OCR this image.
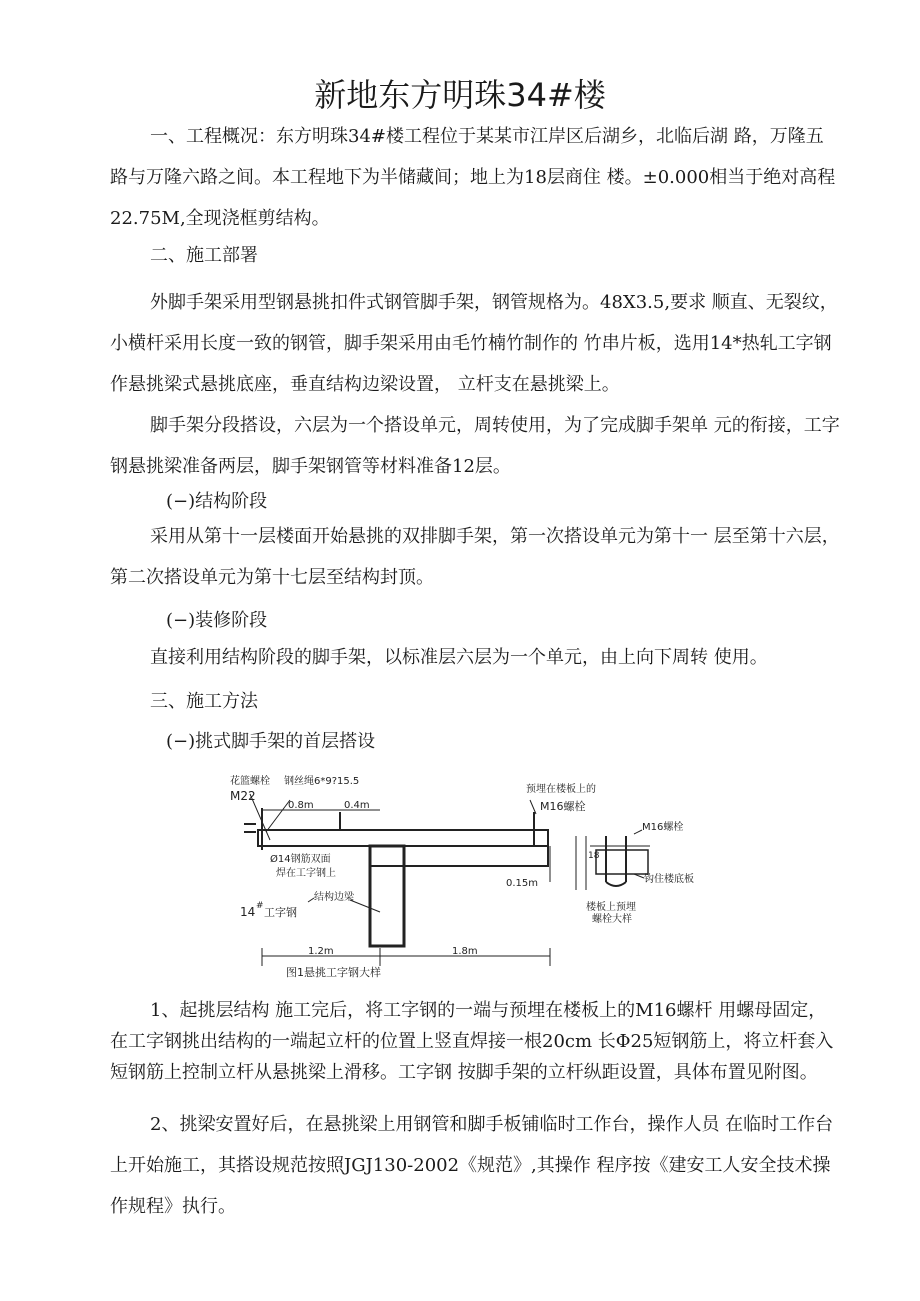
新地东方明珠34#楼

一、工程概况：东方明珠34#楼工程位于某某市江岸区后湖乡，北临后湖 路，万隆五路与万隆六路之间。本工程地下为半储藏间；地上为18层商住 楼。±0.000相当于绝对高程22.75M,全现浇框剪结构。

二、施工部署

外脚手架采用型钢悬挑扣件式钢管脚手架，钢管规格为。48X3.5,要求 顺直、无裂纹，小横杆采用长度一致的钢管，脚手架采用由毛竹楠竹制作的 竹串片板，选用14*热轧工字钢作悬挑梁式悬挑底座，垂直结构边梁设置， 立杆支在悬挑梁上。

脚手架分段搭设，六层为一个搭设单元，周转使用，为了完成脚手架单 元的衔接，工字钢悬挑梁准备两层，脚手架钢管等材料准备12层。

(−)结构阶段

采用从第十一层楼面开始悬挑的双排脚手架，第一次搭设单元为第十一 层至第十六层，第二次搭设单元为第十七层至结构封顶。

(−)装修阶段

直接利用结构阶段的脚手架，以标准层六层为一个单元，由上向下周转 使用。

三、施工方法

(−)挑式脚手架的首层搭设

花篮螺栓
M22
钢丝绳6*9?15.5
0.8m	0.4m
Ø14钢筋双面
焊在工字钢上
14 # 工字钢
结构边梁
预埋在楼板上的
M16螺栓
0.15m
M16螺栓
18
钩住楼底板
楼板上预埋
螺栓大样
1.2m	1.8m
图1悬挑工字钢大样

1、起挑层结构 施工完后，将工字钢的一端与预埋在楼板上的M16螺杆 用螺母固定，在工字钢挑出结构的一端起立杆的位置上竖直焊接一根20cm 长Φ25短钢筋上，将立杆套入短钢筋上控制立杆从悬挑梁上滑移。工字钢 按脚手架的立杆纵距设置，具体布置见附图。

2、挑梁安置好后，在悬挑梁上用钢管和脚手板铺临时工作台，操作人员 在临时工作台上开始施工，其搭设规范按照JGJ130-2002《规范》,其操作 程序按《建安工人安全技术操作规程》执行。
